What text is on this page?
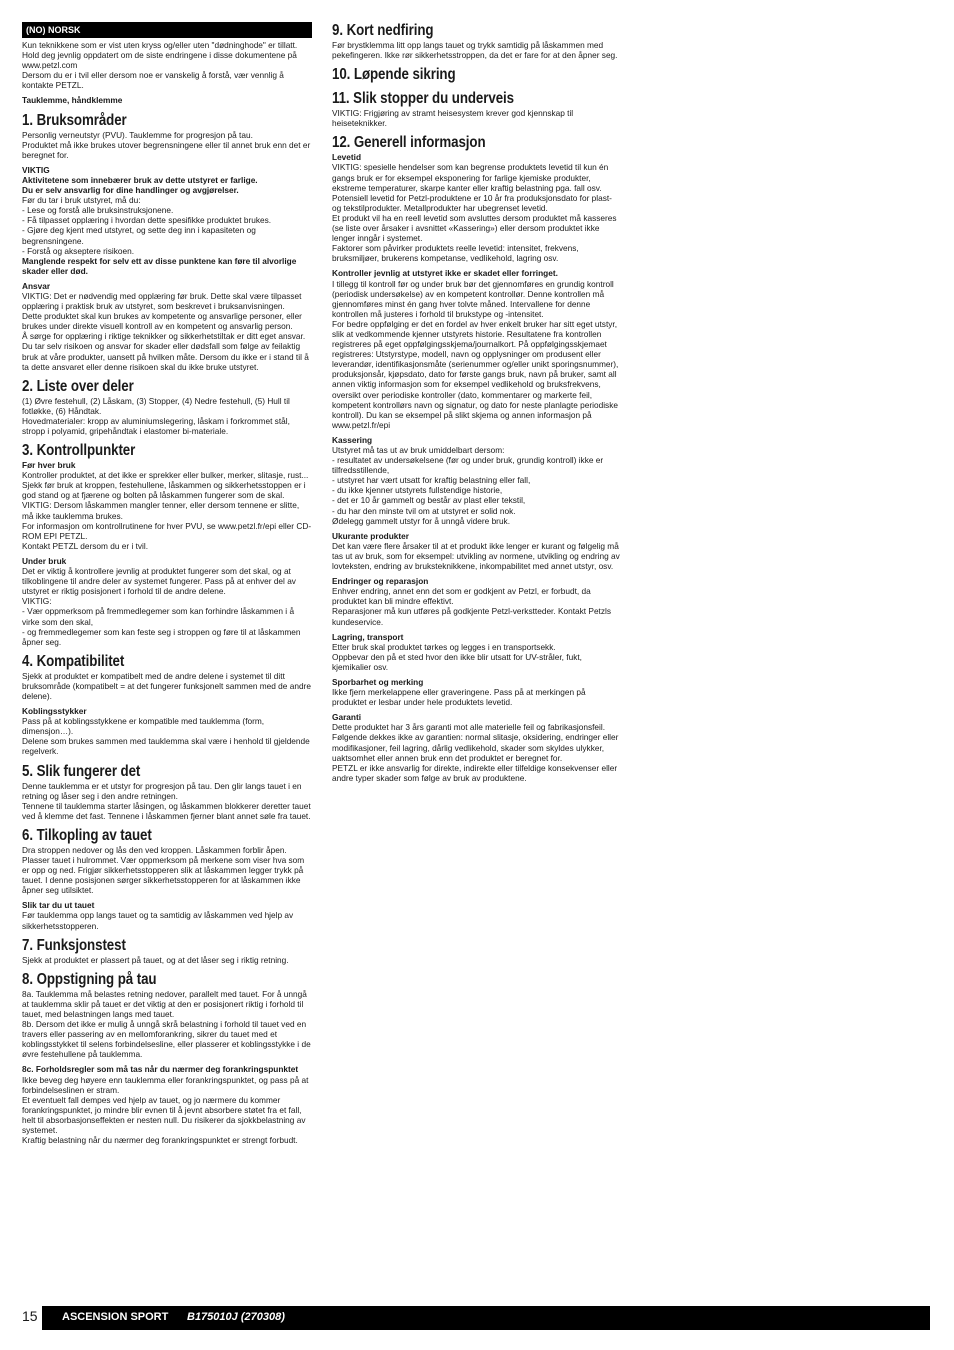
(NO) NORSK
Kun teknikkene som er vist uten kryss og/eller uten "dødninghode" er tillatt. Hold deg jevnlig oppdatert om de siste endringene i disse dokumentene på www.petzl.com
Dersom du er i tvil eller dersom noe er vanskelig å forstå, vær vennlig å kontakte PETZL.
Tauklemme, håndklemme
1. Bruksområder
Personlig verneutstyr (PVU). Tauklemme for progresjon på tau.
Produktet må ikke brukes utover begrensningene eller til annet bruk enn det er beregnet for.
VIKTIG
Aktivitetene som innebærer bruk av dette utstyret er farlige.
Du er selv ansvarlig for dine handlinger og avgjørelser.
Før du tar i bruk utstyret, må du:
- Lese og forstå alle bruksinstruksjonene.
- Få tilpasset opplæring i hvordan dette spesifikke produktet brukes.
- Gjøre deg kjent med utstyret, og sette deg inn i kapasiteten og begrensningene.
- Forstå og akseptere risikoen.
Manglende respekt for selv ett av disse punktene kan føre til alvorlige skader eller død.
Ansvar
VIKTIG: Det er nødvendig med opplæring før bruk. Dette skal være tilpasset opplæring i praktisk bruk av utstyret, som beskrevet i bruksanvisningen.
Dette produktet skal kun brukes av kompetente og ansvarlige personer, eller brukes under direkte visuell kontroll av en kompetent og ansvarlig person.
Å sørge for opplæring i riktige teknikker og sikkerhetstiltak er ditt eget ansvar.
Du tar selv risikoen og ansvar for skader eller dødsfall som følge av feilaktig bruk at våre produkter, uansett på hvilken måte. Dersom du ikke er i stand til å ta dette ansvaret eller denne risikoen skal du ikke bruke utstyret.
2. Liste over deler
(1) Øvre festehull, (2) Låskam, (3) Stopper, (4) Nedre festehull, (5) Hull til fotløkke, (6) Håndtak.
Hovedmaterialer: kropp av aluminiumslegering, låskam i forkrommet stål, stropp i polyamid, gripehåndtak i elastomer bi-materiale.
3. Kontrollpunkter
Før hver bruk
Kontroller produktet, at det ikke er sprekker eller bulker, merker, slitasje, rust...
Sjekk før bruk at kroppen, festehullene, låskammen og sikkerhetsstoppen er i god stand og at fjærene og bolten på låskammen fungerer som de skal.
VIKTIG: Dersom låskammen mangler tenner, eller dersom tennene er slitte, må ikke tauklemma brukes.
For informasjon om kontrollrutinene for hver PVU, se www.petzl.fr/epi eller CD-ROM EPI PETZL.
Kontakt PETZL dersom du er i tvil.
Under bruk
Det er viktig å kontrollere jevnlig at produktet fungerer som det skal, og at tilkoblingene til andre deler av systemet fungerer. Pass på at enhver del av utstyret er riktig posisjonert i forhold til de andre delene.
VIKTIG:
- Vær oppmerksom på fremmedlegemer som kan forhindre låskammen i å virke som den skal,
- og fremmedlegemer som kan feste seg i stroppen og føre til at låskammen åpner seg.
4. Kompatibilitet
Sjekk at produktet er kompatibelt med de andre delene i systemet til ditt bruksområde (kompatibelt = at det fungerer funksjonelt sammen med de andre delene).
Koblingsstykker
Pass på at koblingsstykkene er kompatible med tauklemma (form, dimensjon…).
Delene som brukes sammen med tauklemma skal være i henhold til gjeldende regelverk.
5. Slik fungerer det
Denne tauklemma er et utstyr for progresjon på tau. Den glir langs tauet i en retning og låser seg i den andre retningen.
Tennene til tauklemma starter låsingen, og låskammen blokkerer deretter tauet ved å klemme det fast. Tennene i låskammen fjerner blant annet søle fra tauet.
6. Tilkopling av tauet
Dra stroppen nedover og lås den ved kroppen. Låskammen forblir åpen.
Plasser tauet i hulrommet. Vær oppmerksom på merkene som viser hva som er opp og ned. Frigjør sikkerhetsstopperen slik at låskammen legger trykk på tauet. I denne posisjonen sørger sikkerhetsstopperen for at låskammen ikke åpner seg utilsiktet.
Slik tar du ut tauet
Før tauklemma opp langs tauet og ta samtidig av låskammen ved hjelp av sikkerhetsstopperen.
7. Funksjonstest
Sjekk at produktet er plassert på tauet, og at det låser seg i riktig retning.
8. Oppstigning på tau
8a. Tauklemma må belastes retning nedover, parallelt med tauet. For å unngå at tauklemma sklir på tauet er det viktig at den er posisjonert riktig i forhold til tauet, med belastningen langs med tauet.
8b. Dersom det ikke er mulig å unngå skrå belastning i forhold til tauet ved en travers eller passering av en mellomforankring, sikrer du tauet med et koblingsstykket til selens forbindelsesline, eller plasserer et koblingsstykke i de øvre festehullene på tauklemma.
8c. Forholdsregler som må tas når du nærmer deg forankringspunktet
Ikke beveg deg høyere enn tauklemma eller forankringspunktet, og pass på at forbindelseslinen er stram.
Et eventuelt fall dempes ved hjelp av tauet, og jo nærmere du kommer forankringspunktet, jo mindre blir evnen til å jevnt absorbere støtet fra et fall, helt til absorbasjonseffekten er nesten null. Du risikerer da sjokkbelastning av systemet.
Kraftig belastning når du nærmer deg forankringspunktet er strengt forbudt.
9. Kort nedfiring
Før brystklemma litt opp langs tauet og trykk samtidig på låskammen med pekefingeren. Ikke rør sikkerhetsstroppen, da det er fare for at den åpner seg.
10. Løpende sikring
11. Slik stopper du underveis
VIKTIG: Frigjøring av stramt heisesystem krever god kjennskap til heiseteknikker.
12. Generell informasjon
Levetid
VIKTIG: spesielle hendelser som kan begrense produktets levetid til kun én gangs bruk er for eksempel eksponering for farlige kjemiske produkter, ekstreme temperaturer, skarpe kanter eller kraftig belastning pga. fall osv.
Potensiell levetid for Petzl-produktene er 10 år fra produksjonsdato for plast- og tekstilprodukter. Metallprodukter har ubegrenset levetid.
Et produkt vil ha en reell levetid som avsluttes dersom produktet må kasseres (se liste over årsaker i avsnittet «Kassering») eller dersom produktet ikke lenger inngår i systemet.
Faktorer som påvirker produktets reelle levetid: intensitet, frekvens, bruksmiljøer, brukerens kompetanse, vedlikehold, lagring osv.
Kontroller jevnlig at utstyret ikke er skadet eller forringet.
I tillegg til kontroll før og under bruk bør det gjennomføres en grundig kontroll (periodisk undersøkelse) av en kompetent kontrollør. Denne kontrollen må gjennomføres minst én gang hver tolvte måned. Intervallene for denne kontrollen må justeres i forhold til brukstype og -intensitet.
For bedre oppfølging er det en fordel av hver enkelt bruker har sitt eget utstyr, slik at vedkommende kjenner utstyrets historie. Resultatene fra kontrollen registreres på eget oppfølgingsskjema/journalkort. På oppfølgingsskjemaet registreres: Utstyrstype, modell, navn og opplysninger om produsent eller leverandør, identifikasjonsmåte (serienummer og/eller unikt sporingsnummer), produksjonsår, kjøpsdato, dato for første gangs bruk, navn på bruker, samt all annen viktig informasjon som for eksempel vedlikehold og bruksfrekvens, oversikt over periodiske kontroller (dato, kommentarer og markerte feil, kompetent kontrollørs navn og signatur, og dato for neste planlagte periodiske kontroll). Du kan se eksempel på slikt skjema og annen informasjon på www.petzl.fr/epi
Kassering
Utstyret må tas ut av bruk umiddelbart dersom:
- resultatet av undersøkelsene (før og under bruk, grundig kontroll) ikke er tilfredsstillende,
- utstyret har vært utsatt for kraftig belastning eller fall,
- du ikke kjenner utstyrets fullstendige historie,
- det er 10 år gammelt og består av plast eller tekstil,
- du har den minste tvil om at utstyret er solid nok.
Ødelegg gammelt utstyr for å unngå videre bruk.
Ukurante produkter
Det kan være flere årsaker til at et produkt ikke lenger er kurant og følgelig må tas ut av bruk, som for eksempel: utvikling av normene, utvikling og endring av lovteksten, endring av bruksteknikkene, inkompabilitet med annet utstyr, osv.
Endringer og reparasjon
Enhver endring, annet enn det som er godkjent av Petzl, er forbudt, da produktet kan bli mindre effektivt.
Reparasjoner må kun utføres på godkjente Petzl-verkstteder. Kontakt Petzls kundeservice.
Lagring, transport
Etter bruk skal produktet tørkes og legges i en transportsekk.
Oppbevar den på et sted hvor den ikke blir utsatt for UV-stråler, fukt, kjemikalier osv.
Sporbarhet og merking
Ikke fjern merkelappene eller graveringene. Pass på at merkingen på produktet er lesbar under hele produktets levetid.
Garanti
Dette produktet har 3 års garanti mot alle materielle feil og fabrikasjonsfeil. Følgende dekkes ikke av garantien: normal slitasje, oksidering, endringer eller modifikasjoner, feil lagring, dårlig vedlikehold, skader som skyldes ulykker, uaktsomhet eller annen bruk enn det produktet er beregnet for.
PETZL er ikke ansvarlig for direkte, indirekte eller tilfeldige konsekvenser eller andre typer skader som følge av bruk av produktene.
15 ASCENSION SPORT B175010J (270308)
